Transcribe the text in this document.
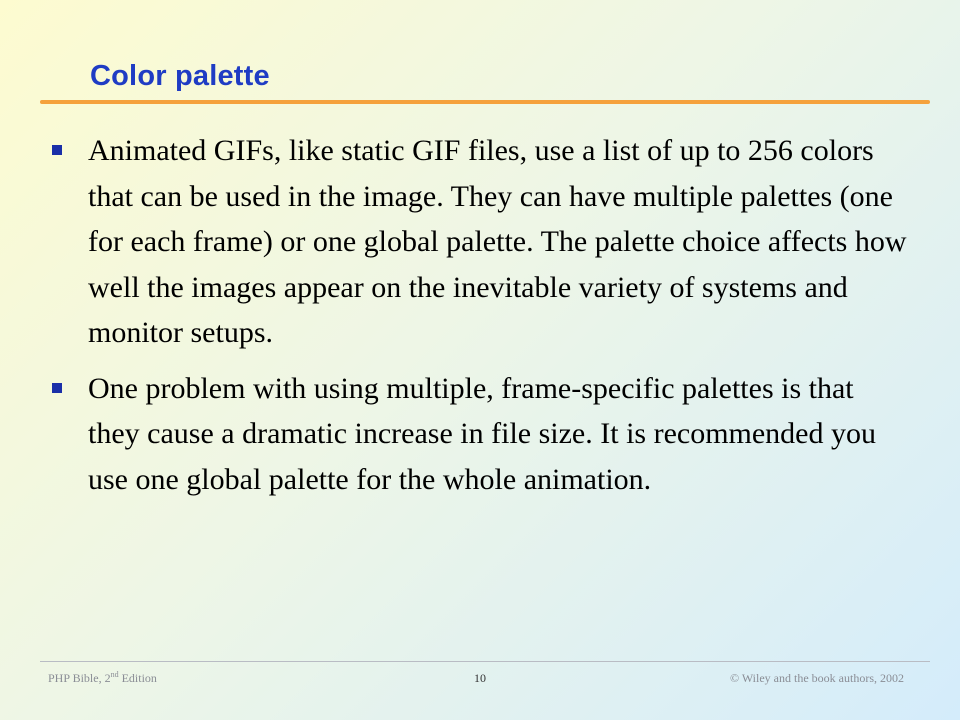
Color palette
Animated GIFs, like static GIF files, use a list of up to 256 colors that can be used in the image. They can have multiple palettes (one for each frame) or one global palette. The palette choice affects how well the images appear on the inevitable variety of systems and monitor setups.
One problem with using multiple, frame-specific palettes is that they cause a dramatic increase in file size. It is recommended you use one global palette for the whole animation.
PHP Bible, 2nd Edition	10	© Wiley and the book authors, 2002
